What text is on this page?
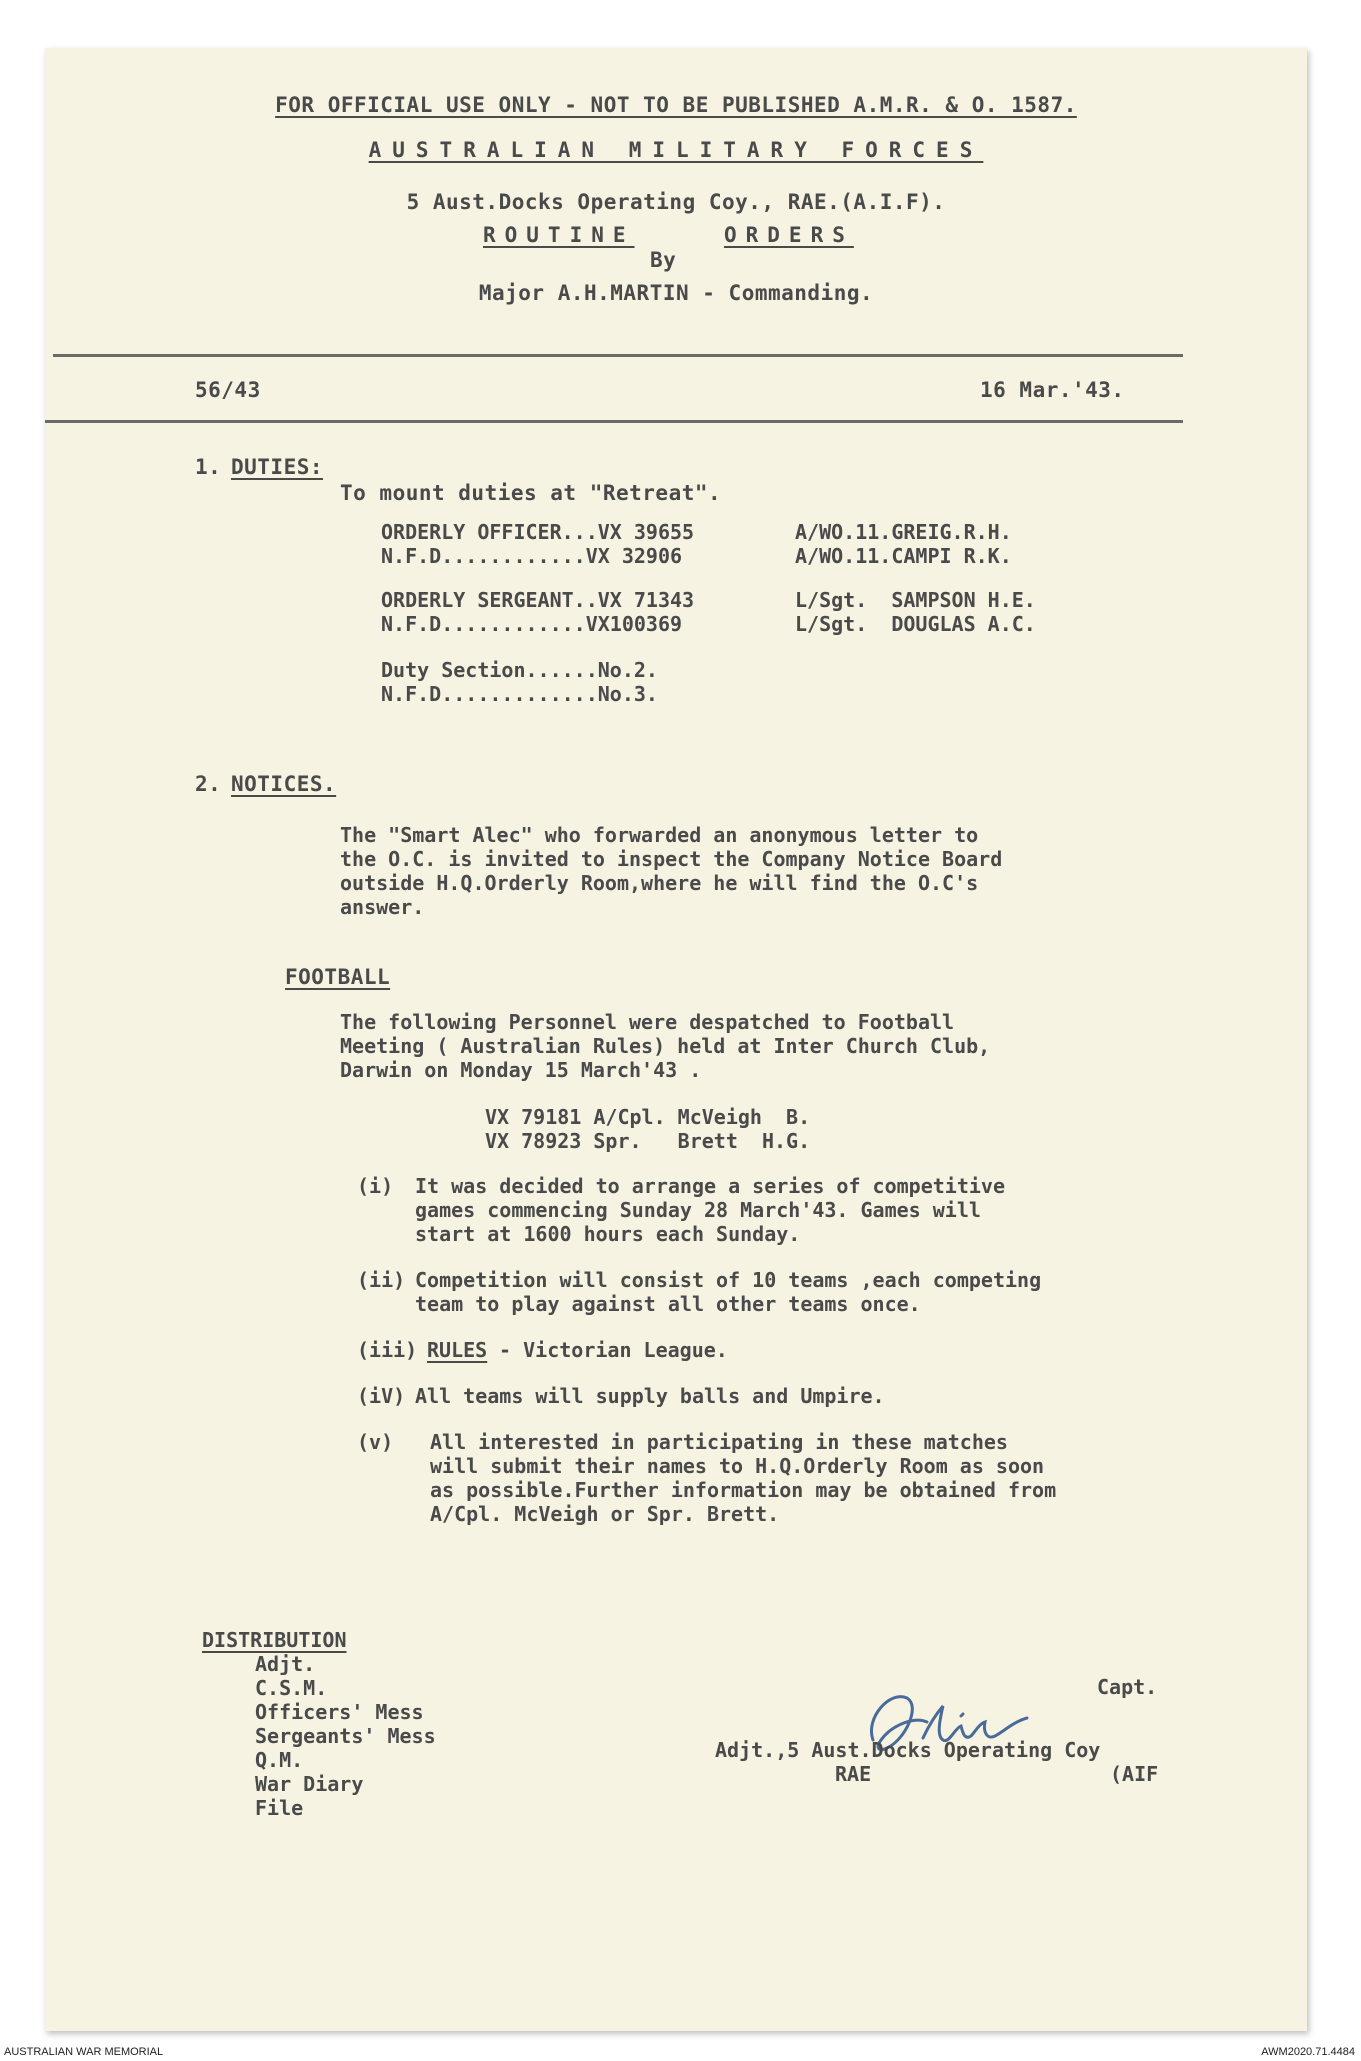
FOR OFFICIAL USE ONLY - NOT TO BE PUBLISHED A.M.R. & O. 1587.
AUSTRALIAN MILITARY FORCES
5 Aust.Docks Operating Coy., RAE.(A.I.F).
ROUTINE	ORDERS
By
Major A.H.MARTIN - Commanding.
56/43	16 Mar.'43.
1. DUTIES:
To mount duties at "Retreat".
ORDERLY OFFICER...VX 39655	A/WO.11.GREIG.R.H.
N.F.D............VX 32906	A/WO.11.CAMPI R.K.
ORDERLY SERGEANT..VX 71343	L/Sgt.  SAMPSON H.E.
N.F.D............VX100369	L/Sgt.  DOUGLAS A.C.
Duty Section......No.2.
N.F.D.............No.3.
2. NOTICES.
The "Smart Alec" who forwarded an anonymous letter to
the O.C. is invited to inspect the Company Notice Board
outside H.Q.Orderly Room,where he will find the O.C's
answer.
FOOTBALL
The following Personnel were despatched to Football
Meeting ( Australian Rules) held at Inter Church Club,
Darwin on Monday 15 March'43 .
VX 79181 A/Cpl. McVeigh  B.
VX 78923 Spr.   Brett  H.G.
(i) It was decided to arrange a series of competitive
games commencing Sunday 28 March'43. Games will
start at 1600 hours each Sunday.
(ii) Competition will consist of 10 teams ,each competing
team to play against all other teams once.
(iii) RULES - Victorian League.
(iV) All teams will supply balls and Umpire.
(v) All interested in participating in these matches
will submit their names to H.Q.Orderly Room as soon
as possible.Further information may be obtained from
A/Cpl. McVeigh or Spr. Brett.
DISTRIBUTION
Adjt.
C.S.M.
Officers' Mess
Sergeants' Mess
Q.M.
War Diary
File
Capt.
Adjt.,5 Aust.Docks Operating Coy
RAE	(AIF
AUSTRALIAN WAR MEMORIAL	AWM2020.71.4484
